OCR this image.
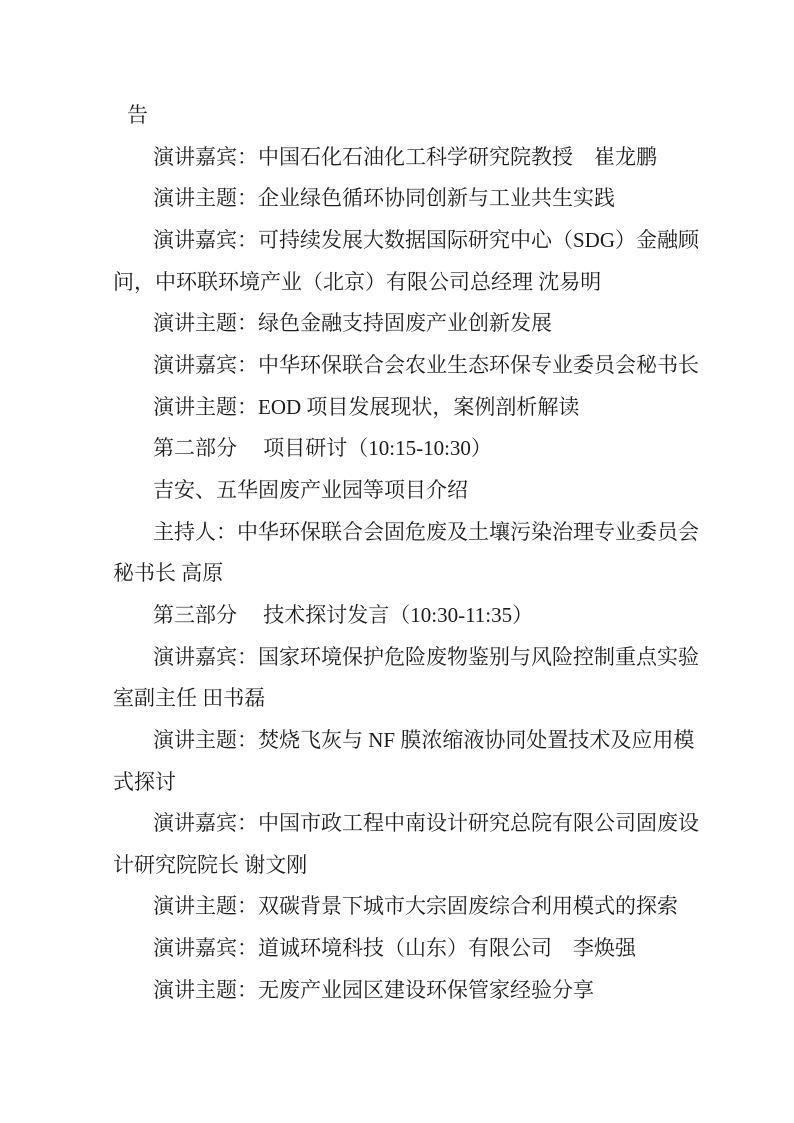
告
演讲嘉宾：中国石化石油化工科学研究院教授　崔龙鹏
演讲主题：企业绿色循环协同创新与工业共生实践
演讲嘉宾：可持续发展大数据国际研究中心（SDG）金融顾
问，中环联环境产业（北京）有限公司总经理 沈易明
演讲主题：绿色金融支持固废产业创新发展
演讲嘉宾：中华环保联合会农业生态环保专业委员会秘书长
演讲主题：EOD 项目发展现状，案例剖析解读
第二部分　 项目研讨（10:15-10:30）
吉安、五华固废产业园等项目介绍
主持人：中华环保联合会固危废及土壤污染治理专业委员会
秘书长 高原
第三部分　 技术探讨发言（10:30-11:35）
演讲嘉宾：国家环境保护危险废物鉴别与风险控制重点实验
室副主任 田书磊
演讲主题：焚烧飞灰与 NF 膜浓缩液协同处置技术及应用模
式探讨
演讲嘉宾：中国市政工程中南设计研究总院有限公司固废设
计研究院院长 谢文刚
演讲主题：双碳背景下城市大宗固废综合利用模式的探索
演讲嘉宾：道诚环境科技（山东）有限公司　李焕强
演讲主题：无废产业园区建设环保管家经验分享
